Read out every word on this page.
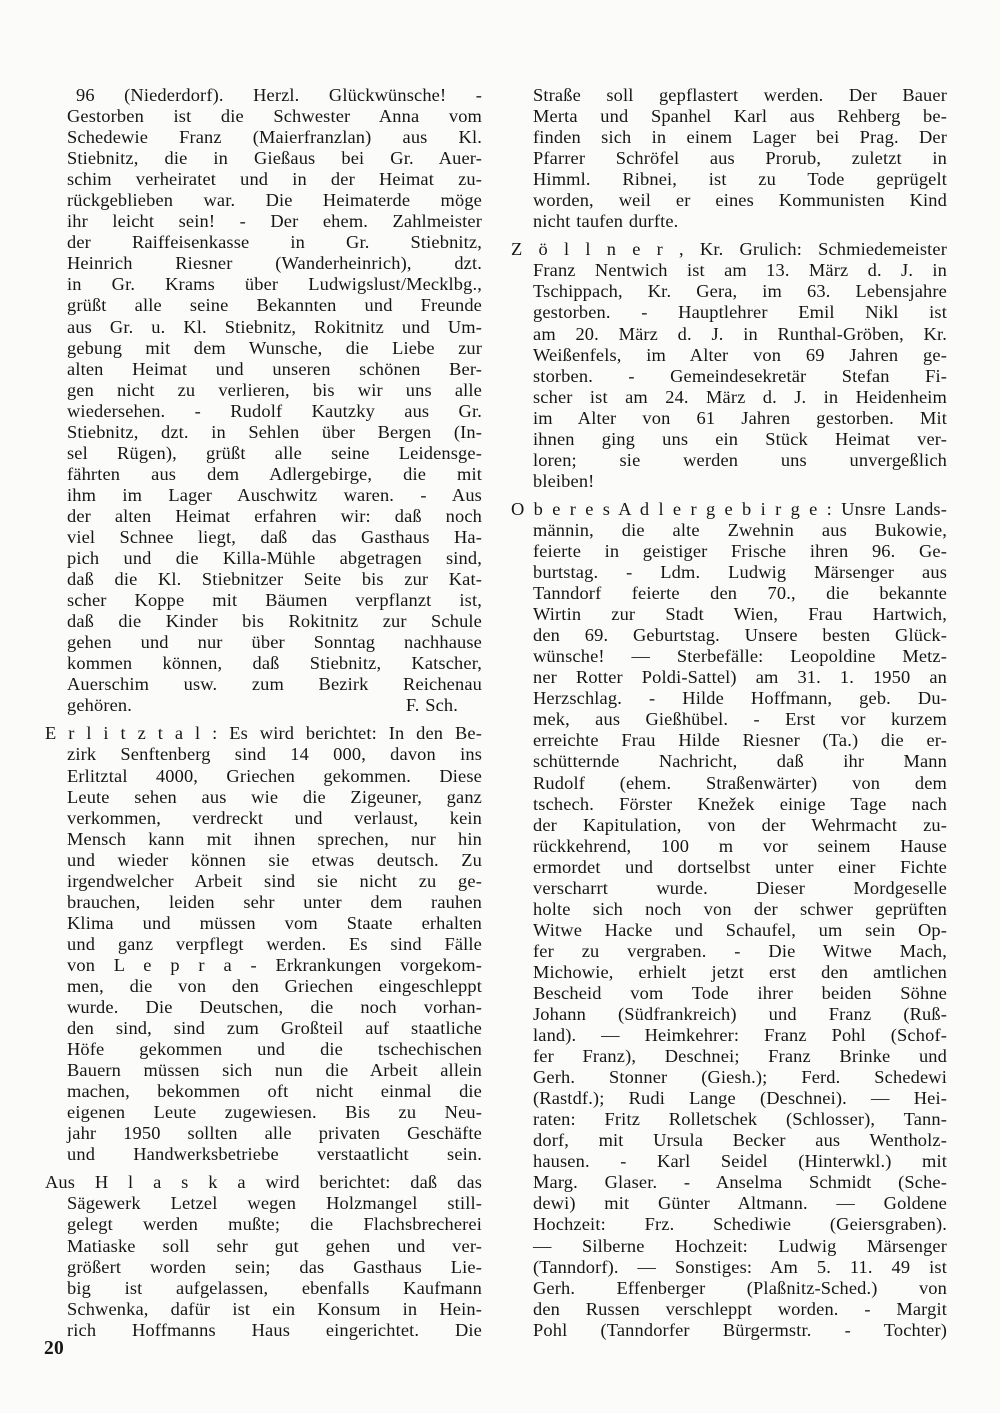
96 (Niederdorf). Herzl. Glückwünsche! -
Gestorben ist die Schwester Anna vom
Schedewie Franz (Maierfranzlan) aus Kl.
Stiebnitz, die in Gießaus bei Gr. Auer-
schim verheiratet und in der Heimat zu-
rückgeblieben war. Die Heimaterde möge
ihr leicht sein! - Der ehem. Zahlmeister
der Raiffeisenkasse in Gr. Stiebnitz,
Heinrich Riesner (Wanderheinrich), dzt.
in Gr. Krams über Ludwigslust/Mecklbg.,
grüßt alle seine Bekannten und Freunde
aus Gr. u. Kl. Stiebnitz, Rokitnitz und Um-
gebung mit dem Wunsche, die Liebe zur
alten Heimat und unseren schönen Ber-
gen nicht zu verlieren, bis wir uns alle
wiedersehen. - Rudolf Kautzky aus Gr.
Stiebnitz, dzt. in Sehlen über Bergen (In-
sel Rügen), grüßt alle seine Leidensge-
fährten aus dem Adlergebirge, die mit
ihm im Lager Auschwitz waren. - Aus
der alten Heimat erfahren wir: daß noch
viel Schnee liegt, daß das Gasthaus Ha-
pich und die Killa-Mühle abgetragen sind,
daß die Kl. Stiebnitzer Seite bis zur Kat-
scher Koppe mit Bäumen verpflanzt ist,
daß die Kinder bis Rokitnitz zur Schule
gehen und nur über Sonntag nachhause
kommen können, daß Stiebnitz, Katscher,
Auerschim usw. zum Bezirk Reichenau
gehören.	F. Sch.
E r l i t z t a l : Es wird berichtet: In den Be-
zirk Senftenberg sind 14 000, davon ins
Erlitztal 4000, Griechen gekommen. Diese
Leute sehen aus wie die Zigeuner, ganz
verkommen, verdreckt und verlaust, kein
Mensch kann mit ihnen sprechen, nur hin
und wieder können sie etwas deutsch. Zu
irgendwelcher Arbeit sind sie nicht zu ge-
brauchen, leiden sehr unter dem rauhen
Klima und müssen vom Staate erhalten
und ganz verpflegt werden. Es sind Fälle
von L e p r a - Erkrankungen vorgekom-
men, die von den Griechen eingeschleppt
wurde. Die Deutschen, die noch vorhan-
den sind, sind zum Großteil auf staatliche
Höfe gekommen und die tschechischen
Bauern müssen sich nun die Arbeit allein
machen, bekommen oft nicht einmal die
eigenen Leute zugewiesen. Bis zu Neu-
jahr 1950 sollten alle privaten Geschäfte
und Handwerksbetriebe verstaatlicht sein.
Aus H l a s k a wird berichtet: daß das
Sägewerk Letzel wegen Holzmangel still-
gelegt werden mußte; die Flachsbrecherei
Matiaske soll sehr gut gehen und ver-
größert worden sein; das Gasthaus Lie-
big ist aufgelassen, ebenfalls Kaufmann
Schwenka, dafür ist ein Konsum in Hein-
rich Hoffmanns Haus eingerichtet. Die
Straße soll gepflastert werden. Der Bauer
Merta und Spanhel Karl aus Rehberg be-
finden sich in einem Lager bei Prag. Der
Pfarrer Schröfel aus Prorub, zuletzt in
Himml. Ribnei, ist zu Tode geprügelt
worden, weil er eines Kommunisten Kind
nicht taufen durfte.
Z ö l l n e r , Kr. Grulich: Schmiedemeister
Franz Nentwich ist am 13. März d. J. in
Tschippach, Kr. Gera, im 63. Lebensjahre
gestorben. - Hauptlehrer Emil Nikl ist
am 20. März d. J. in Runthal-Gröben, Kr.
Weißenfels, im Alter von 69 Jahren ge-
storben. - Gemeindesekretär Stefan Fi-
scher ist am 24. März d. J. in Heidenheim
im Alter von 61 Jahren gestorben. Mit
ihnen ging uns ein Stück Heimat ver-
loren; sie werden uns unvergeßlich
bleiben!
O b e r e s A d l e r g e b i r g e : Unsre Lands-
männin, die alte Zwehnin aus Bukowie,
feierte in geistiger Frische ihren 96. Ge-
burtstag. - Ldm. Ludwig Märsenger aus
Tanndorf feierte den 70., die bekannte
Wirtin zur Stadt Wien, Frau Hartwich,
den 69. Geburtstag. Unsere besten Glück-
wünsche! — Sterbefälle: Leopoldine Metz-
ner Rotter Poldi-Sattel) am 31. 1. 1950 an
Herzschlag. - Hilde Hoffmann, geb. Du-
mek, aus Gießhübel. - Erst vor kurzem
erreichte Frau Hilde Riesner (Ta.) die er-
schütternde Nachricht, daß ihr Mann
Rudolf (ehem. Straßenwärter) von dem
tschech. Förster Knežek einige Tage nach
der Kapitulation, von der Wehrmacht zu-
rückkehrend, 100 m vor seinem Hause
ermordet und dortselbst unter einer Fichte
verscharrt wurde. Dieser Mordgeselle
holte sich noch von der schwer geprüften
Witwe Hacke und Schaufel, um sein Op-
fer zu vergraben. - Die Witwe Mach,
Michowie, erhielt jetzt erst den amtlichen
Bescheid vom Tode ihrer beiden Söhne
Johann (Südfrankreich) und Franz (Ruß-
land). — Heimkehrer: Franz Pohl (Schof-
fer Franz), Deschnei; Franz Brinke und
Gerh. Stonner (Giesh.); Ferd. Schedewi
(Rastdf.); Rudi Lange (Deschnei). — Hei-
raten: Fritz Rolletschek (Schlosser), Tann-
dorf, mit Ursula Becker aus Wentholz-
hausen. - Karl Seidel (Hinterwkl.) mit
Marg. Glaser. - Anselma Schmidt (Sche-
dewi) mit Günter Altmann. — Goldene
Hochzeit: Frz. Schediwie (Geiersgraben).
— Silberne Hochzeit: Ludwig Märsenger
(Tanndorf). — Sonstiges: Am 5. 11. 49 ist
Gerh. Effenberger (Plaßnitz-Sched.) von
den Russen verschleppt worden. - Margit
Pohl (Tanndorfer Bürgermstr. - Tochter)
20
